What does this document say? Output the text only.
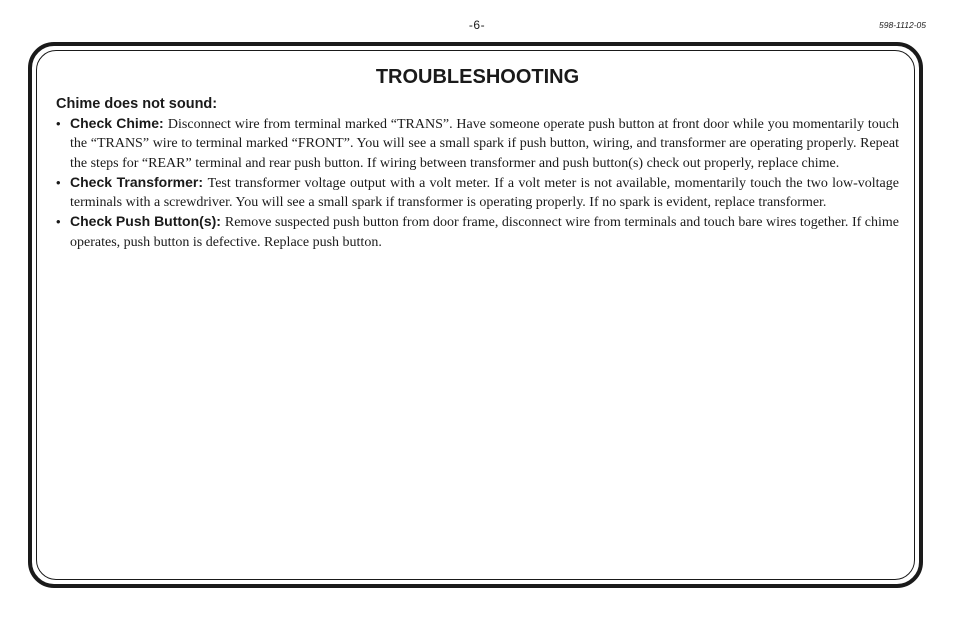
-6-	598-1112-05
TROUBLESHOOTING
Chime does not sound:
• Check Chime: Disconnect wire from terminal marked “TRANS”. Have someone operate push button at front door while you momentarily touch the “TRANS” wire to terminal marked “FRONT”. You will see a small spark if push button, wiring, and transformer are operating properly. Repeat the steps for “REAR” terminal and rear push button. If wiring between transformer and push button(s) check out properly, replace chime.
• Check Transformer: Test transformer voltage output with a volt meter. If a volt meter is not available, momentarily touch the two low-voltage terminals with a screwdriver. You will see a small spark if transformer is operating properly. If no spark is evident, replace transformer.
• Check Push Button(s): Remove suspected push button from door frame, disconnect wire from terminals and touch bare wires together. If chime operates, push button is defective. Replace push button.
